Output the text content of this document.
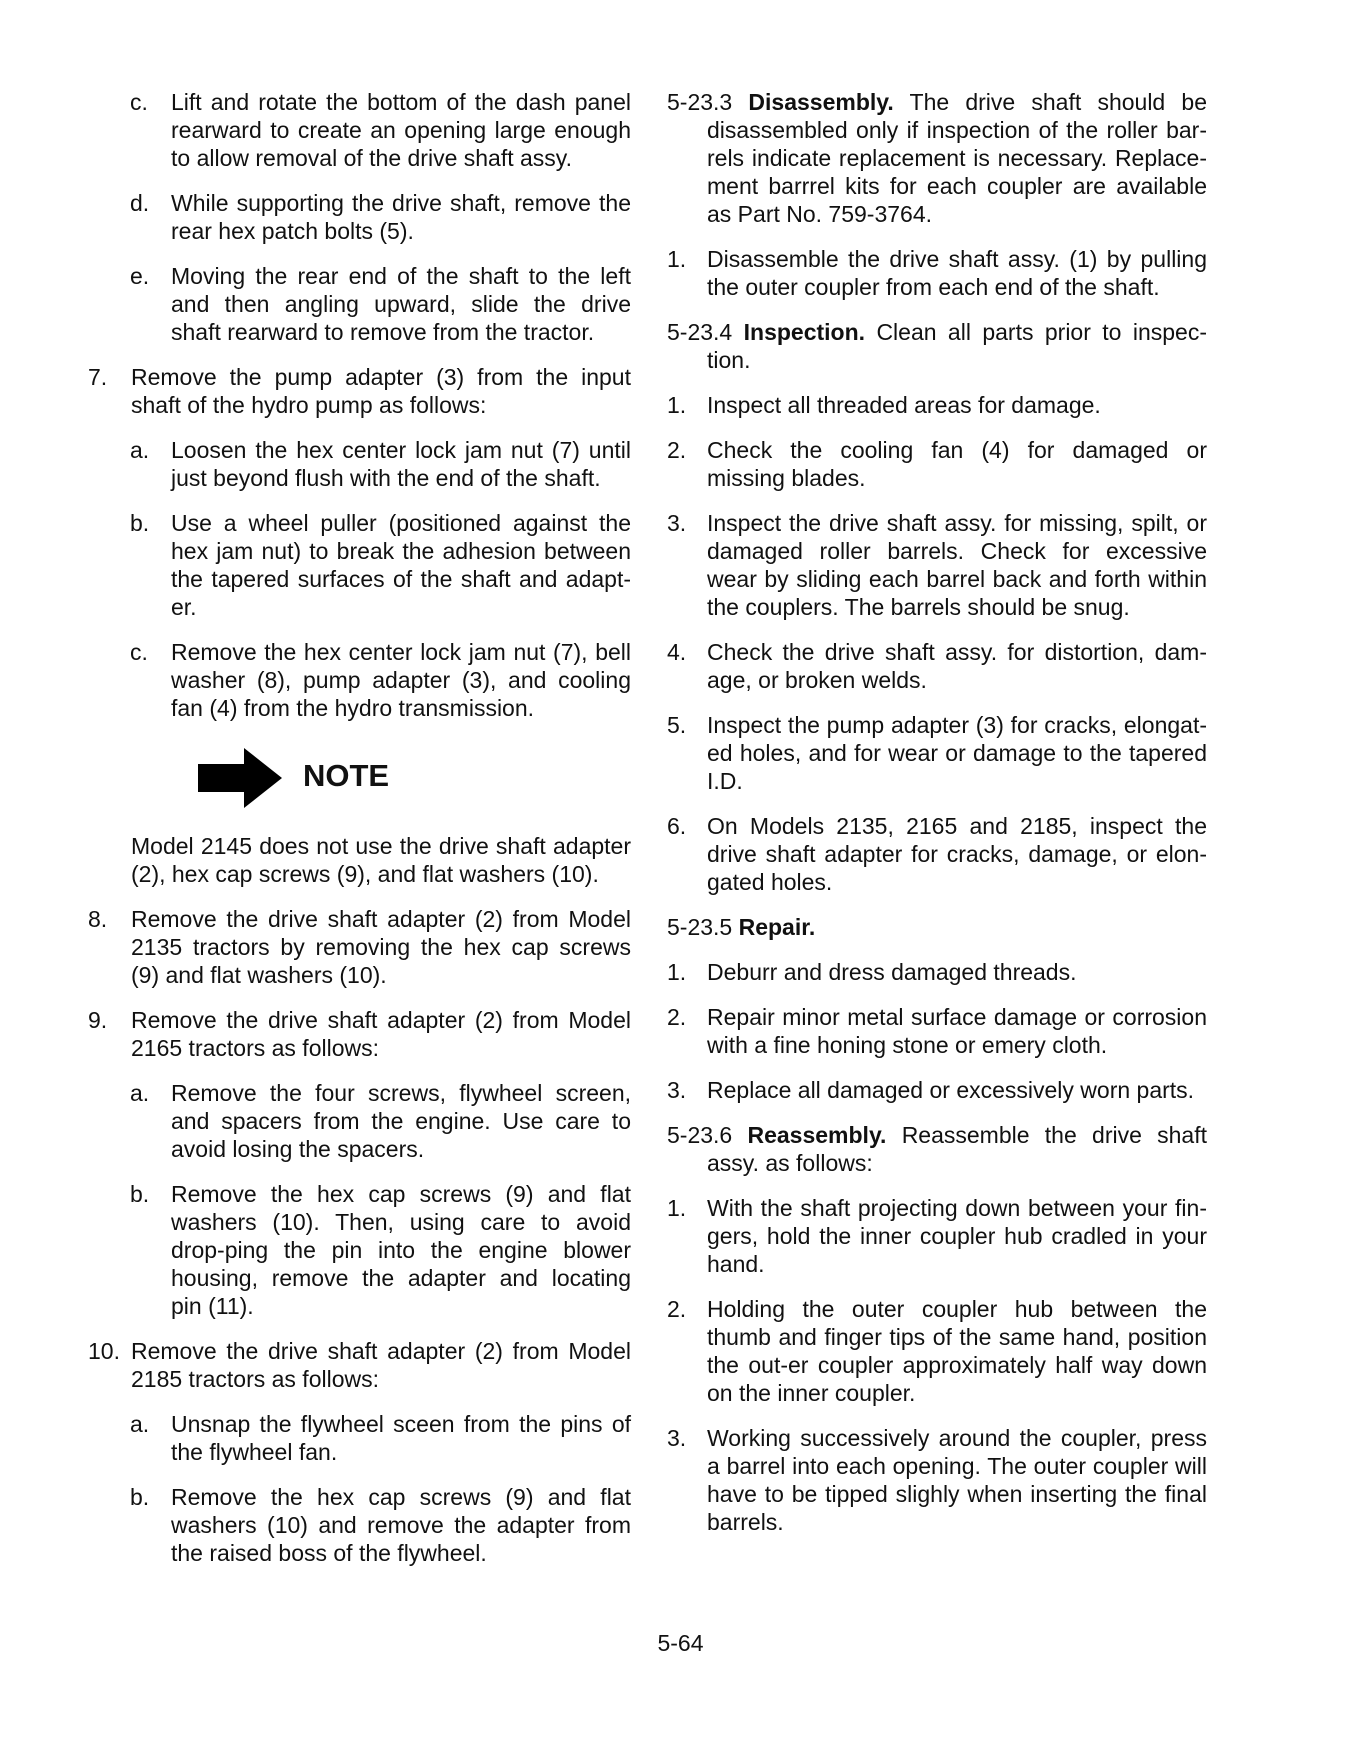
c. Lift and rotate the bottom of the dash panel rearward to create an opening large enough to allow removal of the drive shaft assy.
d. While supporting the drive shaft, remove the rear hex patch bolts (5).
e. Moving the rear end of the shaft to the left and then angling upward, slide the drive shaft rearward to remove from the tractor.
7. Remove the pump adapter (3) from the input shaft of the hydro pump as follows:
a. Loosen the hex center lock jam nut (7) until just beyond flush with the end of the shaft.
b. Use a wheel puller (positioned against the hex jam nut) to break the adhesion between the tapered surfaces of the shaft and adapt-er.
c. Remove the hex center lock jam nut (7), bell washer (8), pump adapter (3), and cooling fan (4) from the hydro transmission.
NOTE
Model 2145 does not use the drive shaft adapter (2), hex cap screws (9), and flat washers (10).
8. Remove the drive shaft adapter (2) from Model 2135 tractors by removing the hex cap screws (9) and flat washers (10).
9. Remove the drive shaft adapter (2) from Model 2165 tractors as follows:
a. Remove the four screws, flywheel screen, and spacers from the engine. Use care to avoid losing the spacers.
b. Remove the hex cap screws (9) and flat washers (10). Then, using care to avoid drop-ping the pin into the engine blower housing, remove the adapter and locating pin (11).
10. Remove the drive shaft adapter (2) from Model 2185 tractors as follows:
a. Unsnap the flywheel sceen from the pins of the flywheel fan.
b. Remove the hex cap screws (9) and flat washers (10) and remove the adapter from the raised boss of the flywheel.
5-23.3 Disassembly. The drive shaft should be disassembled only if inspection of the roller bar-rels indicate replacement is necessary. Replace-ment barrrel kits for each coupler are available as Part No. 759-3764.
1. Disassemble the drive shaft assy. (1) by pulling the outer coupler from each end of the shaft.
5-23.4 Inspection. Clean all parts prior to inspec-tion.
1. Inspect all threaded areas for damage.
2. Check the cooling fan (4) for damaged or missing blades.
3. Inspect the drive shaft assy. for missing, spilt, or damaged roller barrels. Check for excessive wear by sliding each barrel back and forth within the couplers. The barrels should be snug.
4. Check the drive shaft assy. for distortion, dam-age, or broken welds.
5. Inspect the pump adapter (3) for cracks, elongat-ed holes, and for wear or damage to the tapered I.D.
6. On Models 2135, 2165 and 2185, inspect the drive shaft adapter for cracks, damage, or elon-gated holes.
5-23.5 Repair.
1. Deburr and dress damaged threads.
2. Repair minor metal surface damage or corrosion with a fine honing stone or emery cloth.
3. Replace all damaged or excessively worn parts.
5-23.6 Reassembly. Reassemble the drive shaft assy. as follows:
1. With the shaft projecting down between your fin-gers, hold the inner coupler hub cradled in your hand.
2. Holding the outer coupler hub between the thumb and finger tips of the same hand, position the out-er coupler approximately half way down on the inner coupler.
3. Working successively around the coupler, press a barrel into each opening. The outer coupler will have to be tipped slighly when inserting the final barrels.
5-64
